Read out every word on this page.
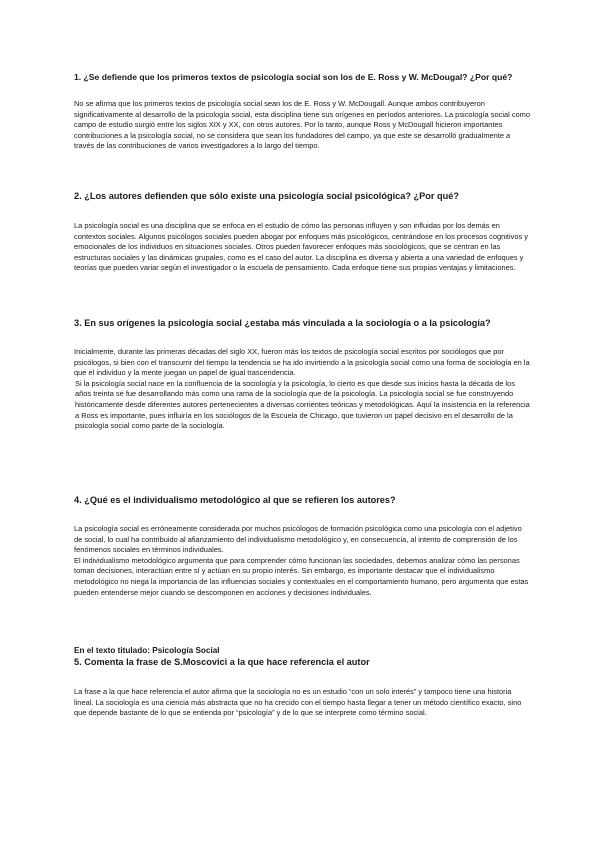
1. ¿Se defiende que los primeros textos de psicología social son los de E. Ross y W. McDougal? ¿Por qué?

No se afirma que los primeros textos de psicología social sean los de E. Ross y W. McDougall. Aunque ambos contribuyeron significativamente al desarrollo de la psicología social, esta disciplina tiene sus orígenes en períodos anteriores. La psicología social como campo de estudio surgió entre los siglos XIX y XX, con otros autores. Por lo tanto, aunque Ross y McDougall hicieron importantes contribuciones a la psicología social, no se considera que sean los fundadores del campo, ya que este se desarrolló gradualmente a través de las contribuciones de varios investigadores a lo largo del tiempo.

2. ¿Los autores defienden que sólo existe una psicología social psicológica? ¿Por qué?

La psicología social es una disciplina que se enfoca en el estudio de cómo las personas influyen y son influidas por los demás en contextos sociales. Algunos psicólogos sociales pueden abogar por enfoques más psicológicos, centrándose en los procesos cognitivos y emocionales de los individuos en situaciones sociales. Otros pueden favorecer enfoques más sociológicos, que se centran en las estructuras sociales y las dinámicas grupales, como es el caso del autor. La disciplina es diversa y abierta a una variedad de enfoques y teorías que pueden variar según el investigador o la escuela de pensamiento. Cada enfoque tiene sus propias ventajas y limitaciones.

3. En sus orígenes la psicología social ¿estaba más vinculada a la sociología o a la psicología?

Inicialmente, durante las primeras décadas del siglo XX, fueron más los textos de psicología social escritos por sociólogos que por psicólogos, si bien con el transcurrir del tiempo la tendencia se ha ido invirtiendo a la psicología social como una forma de sociología en la que el individuo y la mente juegan un papel de igual trascendencia.

Si la psicología social nace en la confluencia de la sociología y la psicología, lo cierto es que desde sus inicios hasta la década de los años treinta se fue desarrollando más como una rama de la sociología que de la psicología. La psicología social se fue construyendo históricamente desde diferentes autores pertenecientes a diversas corrientes teóricas y metodológicas. Aquí la insistencia en la referencia a Ross es importante, pues influiría en los sociólogos de la Escuela de Chicago, que tuvieron un papel decisivo en el desarrollo de la psicología social como parte de la sociología.

4. ¿Qué es el individualismo metodológico al que se refieren los autores?

La psicología social es erróneamente considerada por muchos psicólogos de formación psicológica como una psicología con el adjetivo de social, lo cual ha contribuido al afianzamiento del individualismo metodológico y, en consecuencia, al intento de comprensión de los fenómenos sociales en términos individuales.

El individualismo metodológico argumenta que para comprender cómo funcionan las sociedades, debemos analizar cómo las personas toman decisiones, interactúan entre sí y actúan en su propio interés. Sin embargo, es importante destacar que el individualismo metodológico no niega la importancia de las influencias sociales y contextuales en el comportamiento humano, pero argumenta que estas pueden entenderse mejor cuando se descomponen en acciones y decisiones individuales.

En el texto titulado: Psicología Social
5. Comenta la frase de S.Moscovici a la que hace referencia el autor

La frase a la que hace referencia el autor afirma que la sociología no es un estudio “con un solo interés” y tampoco tiene una historia lineal. La sociología es una ciencia más abstracta que no ha crecido con el tiempo hasta llegar a tener un método científico exacto, sino que depende bastante de lo que se entienda por “psicología” y de lo que se interprete como término social.
